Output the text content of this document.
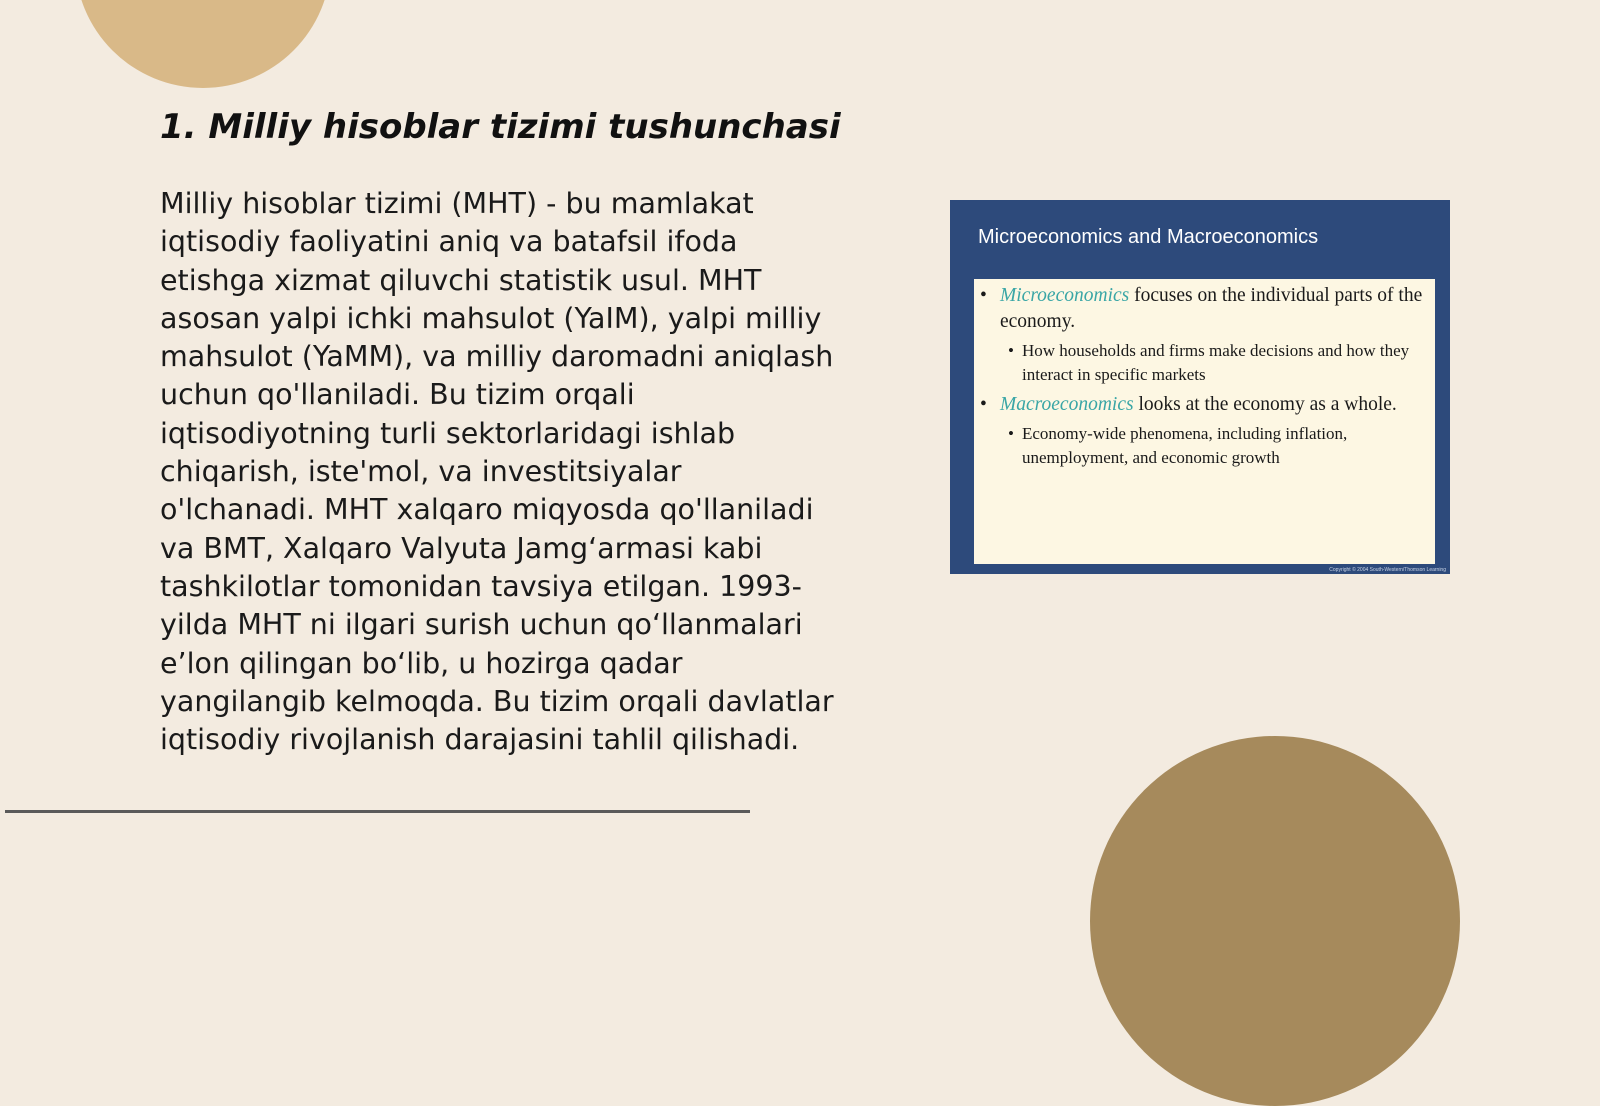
1. Milliy hisoblar tizimi tushunchasi

Milliy hisoblar tizimi (MHT) - bu mamlakat iqtisodiy faoliyatini aniq va batafsil ifoda etishga xizmat qiluvchi statistik usul. MHT asosan yalpi ichki mahsulot (YaIM), yalpi milliy mahsulot (YaMM), va milliy daromadni aniqlash uchun qo'llaniladi. Bu tizim orqali iqtisodiyotning turli sektorlaridagi ishlab chiqarish, iste'mol, va investitsiyalar o'lchanadi. MHT xalqaro miqyosda qo'llaniladi va BMT, Xalqaro Valyuta Jamg‘armasi kabi tashkilotlar tomonidan tavsiya etilgan. 1993-yilda MHT ni ilgari surish uchun qo‘llanmalari e’lon qilingan bo‘lib, u hozirga qadar yangilangib kelmoqda. Bu tizim orqali davlatlar iqtisodiy rivojlanish darajasini tahlil qilishadi.

Microeconomics and Macroeconomics

• Microeconomics focuses on the individual parts of the economy.

• How households and firms make decisions and how they interact in specific markets

• Macroeconomics looks at the economy as a whole.

• Economy-wide phenomena, including inflation, unemployment, and economic growth

Copyright © 2004 South-Western/Thomson Learning
